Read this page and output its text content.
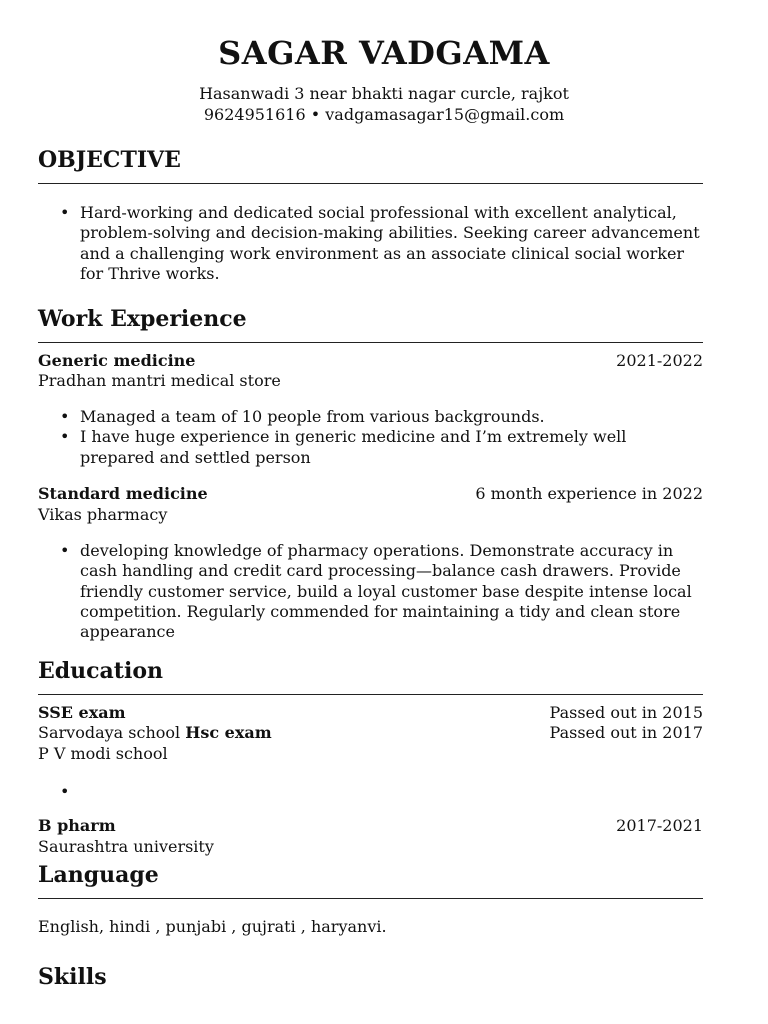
SAGAR VADGAMA
Hasanwadi 3 near bhakti nagar curcle, rajkot
9624951616 • vadgamasagar15@gmail.com
OBJECTIVE
• Hard-working and dedicated social professional with excellent analytical, problem-solving and decision-making abilities. Seeking career advancement and a challenging work environment as an associate clinical social worker for Thrive works.
Work Experience
Generic medicine	2021-2022
Pradhan mantri medical store
• Managed a team of 10 people from various backgrounds.
• I have huge experience in generic medicine and I’m extremely well prepared and settled person
Standard medicine	6 month experience in 2022
Vikas pharmacy
• developing knowledge of pharmacy operations. Demonstrate accuracy in cash handling and credit card processing—balance cash drawers. Provide friendly customer service, build a loyal customer base despite intense local competition. Regularly commended for maintaining a tidy and clean store appearance
Education
SSE exam	Passed out in 2015
Sarvodaya school Hsc exam	Passed out in 2017
P V modi school
•
B pharm	2017-2021
Saurashtra university
Language
English, hindi , punjabi , gujrati , haryanvi.
Skills
